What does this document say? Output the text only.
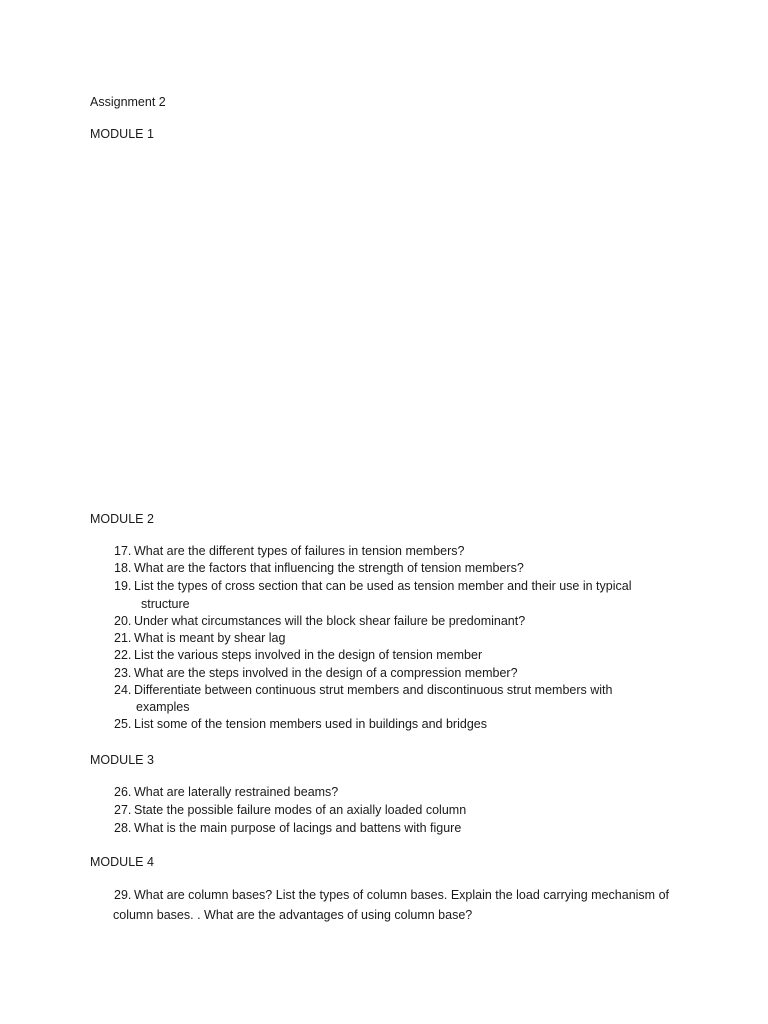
Assignment 2
MODULE 1
MODULE 2
17. What are the different types of failures in tension members?
18. What are the factors that influencing the strength of tension members?
19. List the types of cross section that can be used as tension member and their use in typical
structure
20. Under what circumstances will the block shear failure be predominant?
21. What is meant by shear lag
22. List the various steps involved in the design of tension member
23. What are the steps involved in the design of a compression member?
24. Differentiate between continuous strut members and discontinuous strut members with
examples
25. List some of the tension members used in buildings and bridges
MODULE 3
26. What are laterally restrained beams?
27. State the possible failure modes of an axially loaded column
28. What is the main purpose of lacings and battens with figure
MODULE 4
29. What are column bases? List the types of column bases. Explain the load carrying mechanism of
column bases. . What are the advantages of using column base?
